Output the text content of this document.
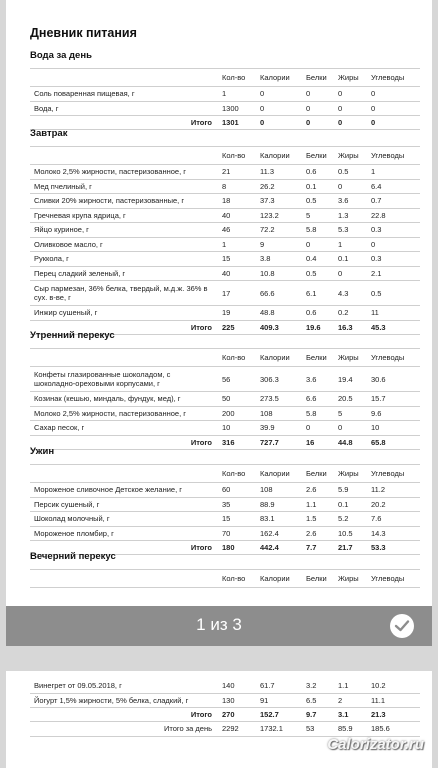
Дневник питания
Вода за день
	Кол-во	Калории	Белки	Жиры	Углеводы
Соль поваренная пищевая, г	1	0	0	0	0
Вода, г	1300	0	0	0	0
Итого	1301	0	0	0	0
Завтрак
	Кол-во	Калории	Белки	Жиры	Углеводы
Молоко 2,5% жирности, пастеризованное, г	21	11.3	0.6	0.5	1
Мед пчелиный, г	8	26.2	0.1	0	6.4
Сливки 20% жирности, пастеризованные, г	18	37.3	0.5	3.6	0.7
Гречневая крупа ядрица, г	40	123.2	5	1.3	22.8
Яйцо куриное, г	46	72.2	5.8	5.3	0.3
Оливковое масло, г	1	9	0	1	0
Руккола, г	15	3.8	0.4	0.1	0.3
Перец сладкий зеленый, г	40	10.8	0.5	0	2.1
Сыр пармезан, 36% белка, твердый, м.д.ж. 36% в сух. в-ве, г	17	66.6	6.1	4.3	0.5
Инжир сушеный, г	19	48.8	0.6	0.2	11
Итого	225	409.3	19.6	16.3	45.3
Утренний перекус
	Кол-во	Калории	Белки	Жиры	Углеводы
Конфеты глазированные шоколадом, с шоколадно-ореховыми корпусами, г	56	306.3	3.6	19.4	30.6
Козинак (кешью, миндаль, фундук, мед), г	50	273.5	6.6	20.5	15.7
Молоко 2,5% жирности, пастеризованное, г	200	108	5.8	5	9.6
Сахар песок, г	10	39.9	0	0	10
Итого	316	727.7	16	44.8	65.8
Ужин
	Кол-во	Калории	Белки	Жиры	Углеводы
Мороженое сливочное Детское желание, г	60	108	2.6	5.9	11.2
Персик сушеный, г	35	88.9	1.1	0.1	20.2
Шоколад молочный, г	15	83.1	1.5	5.2	7.6
Мороженое пломбир, г	70	162.4	2.6	10.5	14.3
Итого	180	442.4	7.7	21.7	53.3
Вечерний перекус
	Кол-во	Калории	Белки	Жиры	Углеводы
1 из 3
Винегрет от 09.05.2018, г	140	61.7	3.2	1.1	10.2
Йогурт 1,5% жирности, 5% белка, сладкий, г	130	91	6.5	2	11.1
Итого	270	152.7	9.7	3.1	21.3
Итого за день	2292	1732.1	53	85.9	185.6
Calorizator.ru
